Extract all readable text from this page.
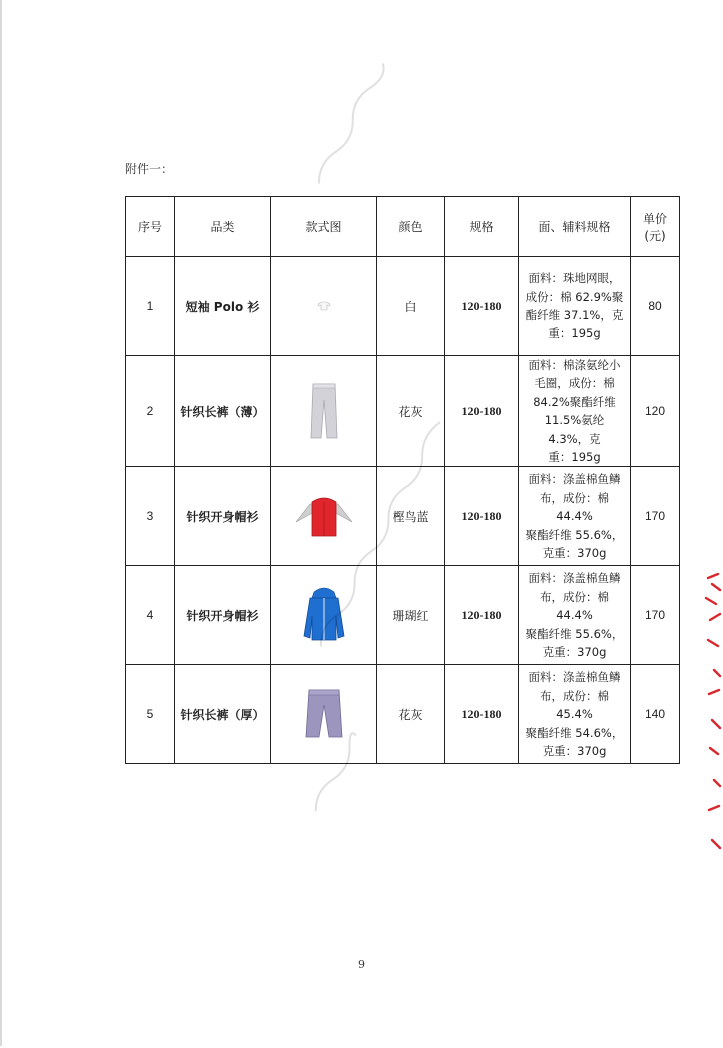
附件一：
序号	品类	款式图	颜色	规格	面、辅料规格	单价 (元)
1	短袖 Polo 衫		白	120-180	面料：珠地网眼，
成份：棉 62.9%聚
酯纤维 37.1%，克
重：195g	80
2	针织长裤（薄）		花灰	120-180	面料：棉涤氨纶小
毛圈，成份：棉
84.2%聚酯纤维
11.5%氨纶 4.3%，克
重：195g	120
3	针织开身帽衫		樫鸟蓝	120-180	面料：涤盖棉鱼鳞
布，成份：棉 44.4%
聚酯纤维 55.6%，
克重：370g	170
4	针织开身帽衫		珊瑚红	120-180	面料：涤盖棉鱼鳞
布，成份：棉 44.4%
聚酯纤维 55.6%，
克重：370g	170
5	针织长裤（厚）		花灰	120-180	面料：涤盖棉鱼鳞
布，成份：棉 45.4%
聚酯纤维 54.6%，
克重：370g	140
9
